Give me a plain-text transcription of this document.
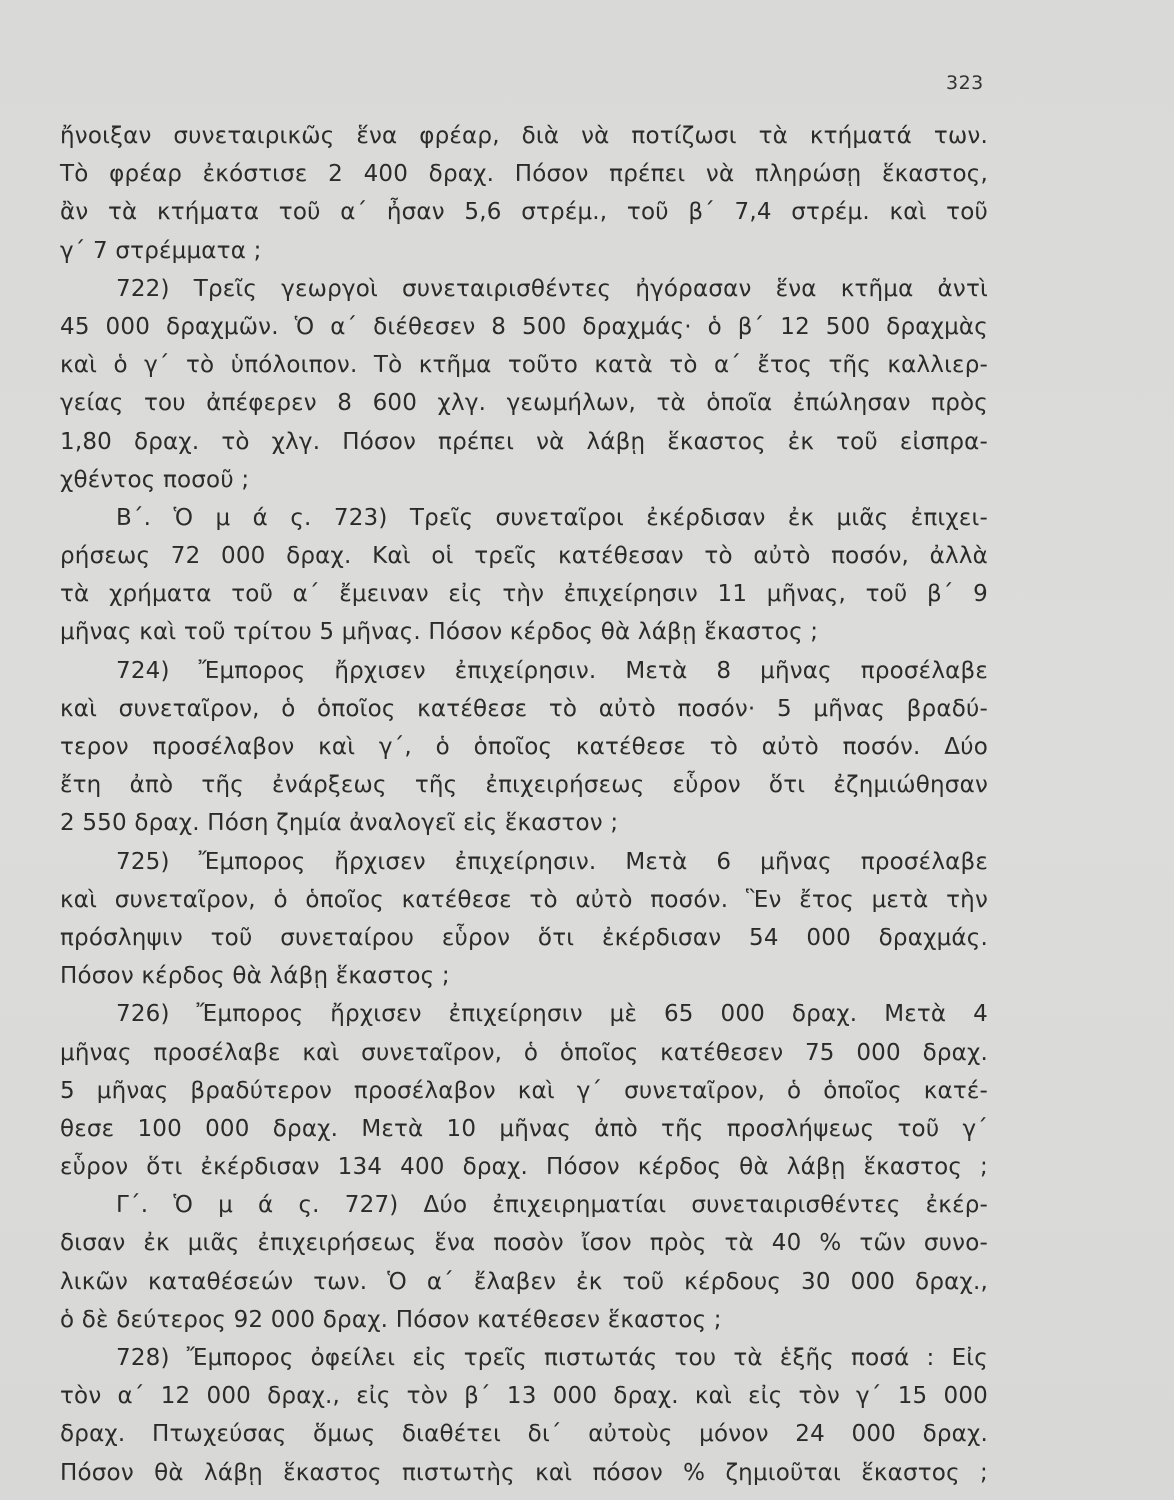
323
ἤνοιξαν συνεταιρικῶς ἕνα φρέαρ, διὰ νὰ ποτίζωσι τὰ κτήματά των.
Τὸ φρέαρ ἐκόστισε 2 400 δραχ. Πόσον πρέπει νὰ πληρώσῃ ἕκαστος,
ἂν τὰ κτήματα τοῦ α΄ ἦσαν 5,6 στρέμ., τοῦ β΄ 7,4 στρέμ. καὶ τοῦ
γ΄ 7 στρέμματα ;
722) Τρεῖς γεωργοὶ συνεταιρισθέντες ἠγόρασαν ἕνα κτῆμα ἀντὶ
45 000 δραχμῶν. Ὁ α΄ διέθεσεν 8 500 δραχμάς· ὁ β΄ 12 500 δραχμὰς
καὶ ὁ γ΄ τὸ ὑπόλοιπον. Τὸ κτῆμα τοῦτο κατὰ τὸ α΄ ἔτος τῆς καλλιερ-
γείας του ἀπέφερεν 8 600 χλγ. γεωμήλων, τὰ ὁποῖα ἐπώλησαν πρὸς
1,80 δραχ. τὸ χλγ. Πόσον πρέπει νὰ λάβῃ ἕκαστος ἐκ τοῦ εἰσπρα-
χθέντος ποσοῦ ;
Β΄. Ὁ μ ά ς. 723) Τρεῖς συνεταῖροι ἐκέρδισαν ἐκ μιᾶς ἐπιχει-
ρήσεως 72 000 δραχ. Καὶ οἱ τρεῖς κατέθεσαν τὸ αὐτὸ ποσόν, ἀλλὰ
τὰ χρήματα τοῦ α΄ ἔμειναν εἰς τὴν ἐπιχείρησιν 11 μῆνας, τοῦ β΄ 9
μῆνας καὶ τοῦ τρίτου 5 μῆνας. Πόσον κέρδος θὰ λάβῃ ἕκαστος ;
724) Ἔμπορος ἤρχισεν ἐπιχείρησιν. Μετὰ 8 μῆνας προσέλαβε
καὶ συνεταῖρον, ὁ ὁποῖος κατέθεσε τὸ αὐτὸ ποσόν· 5 μῆνας βραδύ-
τερον προσέλαβον καὶ γ΄, ὁ ὁποῖος κατέθεσε τὸ αὐτὸ ποσόν. Δύο
ἔτη ἀπὸ τῆς ἐνάρξεως τῆς ἐπιχειρήσεως εὗρον ὅτι ἐζημιώθησαν
2 550 δραχ. Πόση ζημία ἀναλογεῖ εἰς ἕκαστον ;
725) Ἔμπορος ἤρχισεν ἐπιχείρησιν. Μετὰ 6 μῆνας προσέλαβε
καὶ συνεταῖρον, ὁ ὁποῖος κατέθεσε τὸ αὐτὸ ποσόν. Ἓν ἔτος μετὰ τὴν
πρόσληψιν τοῦ συνεταίρου εὗρον ὅτι ἐκέρδισαν 54 000 δραχμάς.
Πόσον κέρδος θὰ λάβῃ ἕκαστος ;
726) Ἔμπορος ἤρχισεν ἐπιχείρησιν μὲ 65 000 δραχ. Μετὰ 4
μῆνας προσέλαβε καὶ συνεταῖρον, ὁ ὁποῖος κατέθεσεν 75 000 δραχ.
5 μῆνας βραδύτερον προσέλαβον καὶ γ΄ συνεταῖρον, ὁ ὁποῖος κατέ-
θεσε 100 000 δραχ. Μετὰ 10 μῆνας ἀπὸ τῆς προσλήψεως τοῦ γ΄
εὗρον ὅτι ἐκέρδισαν 134 400 δραχ. Πόσον κέρδος θὰ λάβῃ ἕκαστος ;
Γ΄. Ὁ μ ά ς. 727) Δύο ἐπιχειρηματίαι συνεταιρισθέντες ἐκέρ-
δισαν ἐκ μιᾶς ἐπιχειρήσεως ἕνα ποσὸν ἴσον πρὸς τὰ 40 % τῶν συνο-
λικῶν καταθέσεών των. Ὁ α΄ ἔλαβεν ἐκ τοῦ κέρδους 30 000 δραχ.,
ὁ δὲ δεύτερος 92 000 δραχ. Πόσον κατέθεσεν ἕκαστος ;
728) Ἔμπορος ὀφείλει εἰς τρεῖς πιστωτάς του τὰ ἑξῆς ποσά : Εἰς
τὸν α΄ 12 000 δραχ., εἰς τὸν β΄ 13 000 δραχ. καὶ εἰς τὸν γ΄ 15 000
δραχ. Πτωχεύσας ὅμως διαθέτει δι΄ αὐτοὺς μόνον 24 000 δραχ.
Πόσον θὰ λάβῃ ἕκαστος πιστωτὴς καὶ πόσον % ζημιοῦται ἕκαστος ;
